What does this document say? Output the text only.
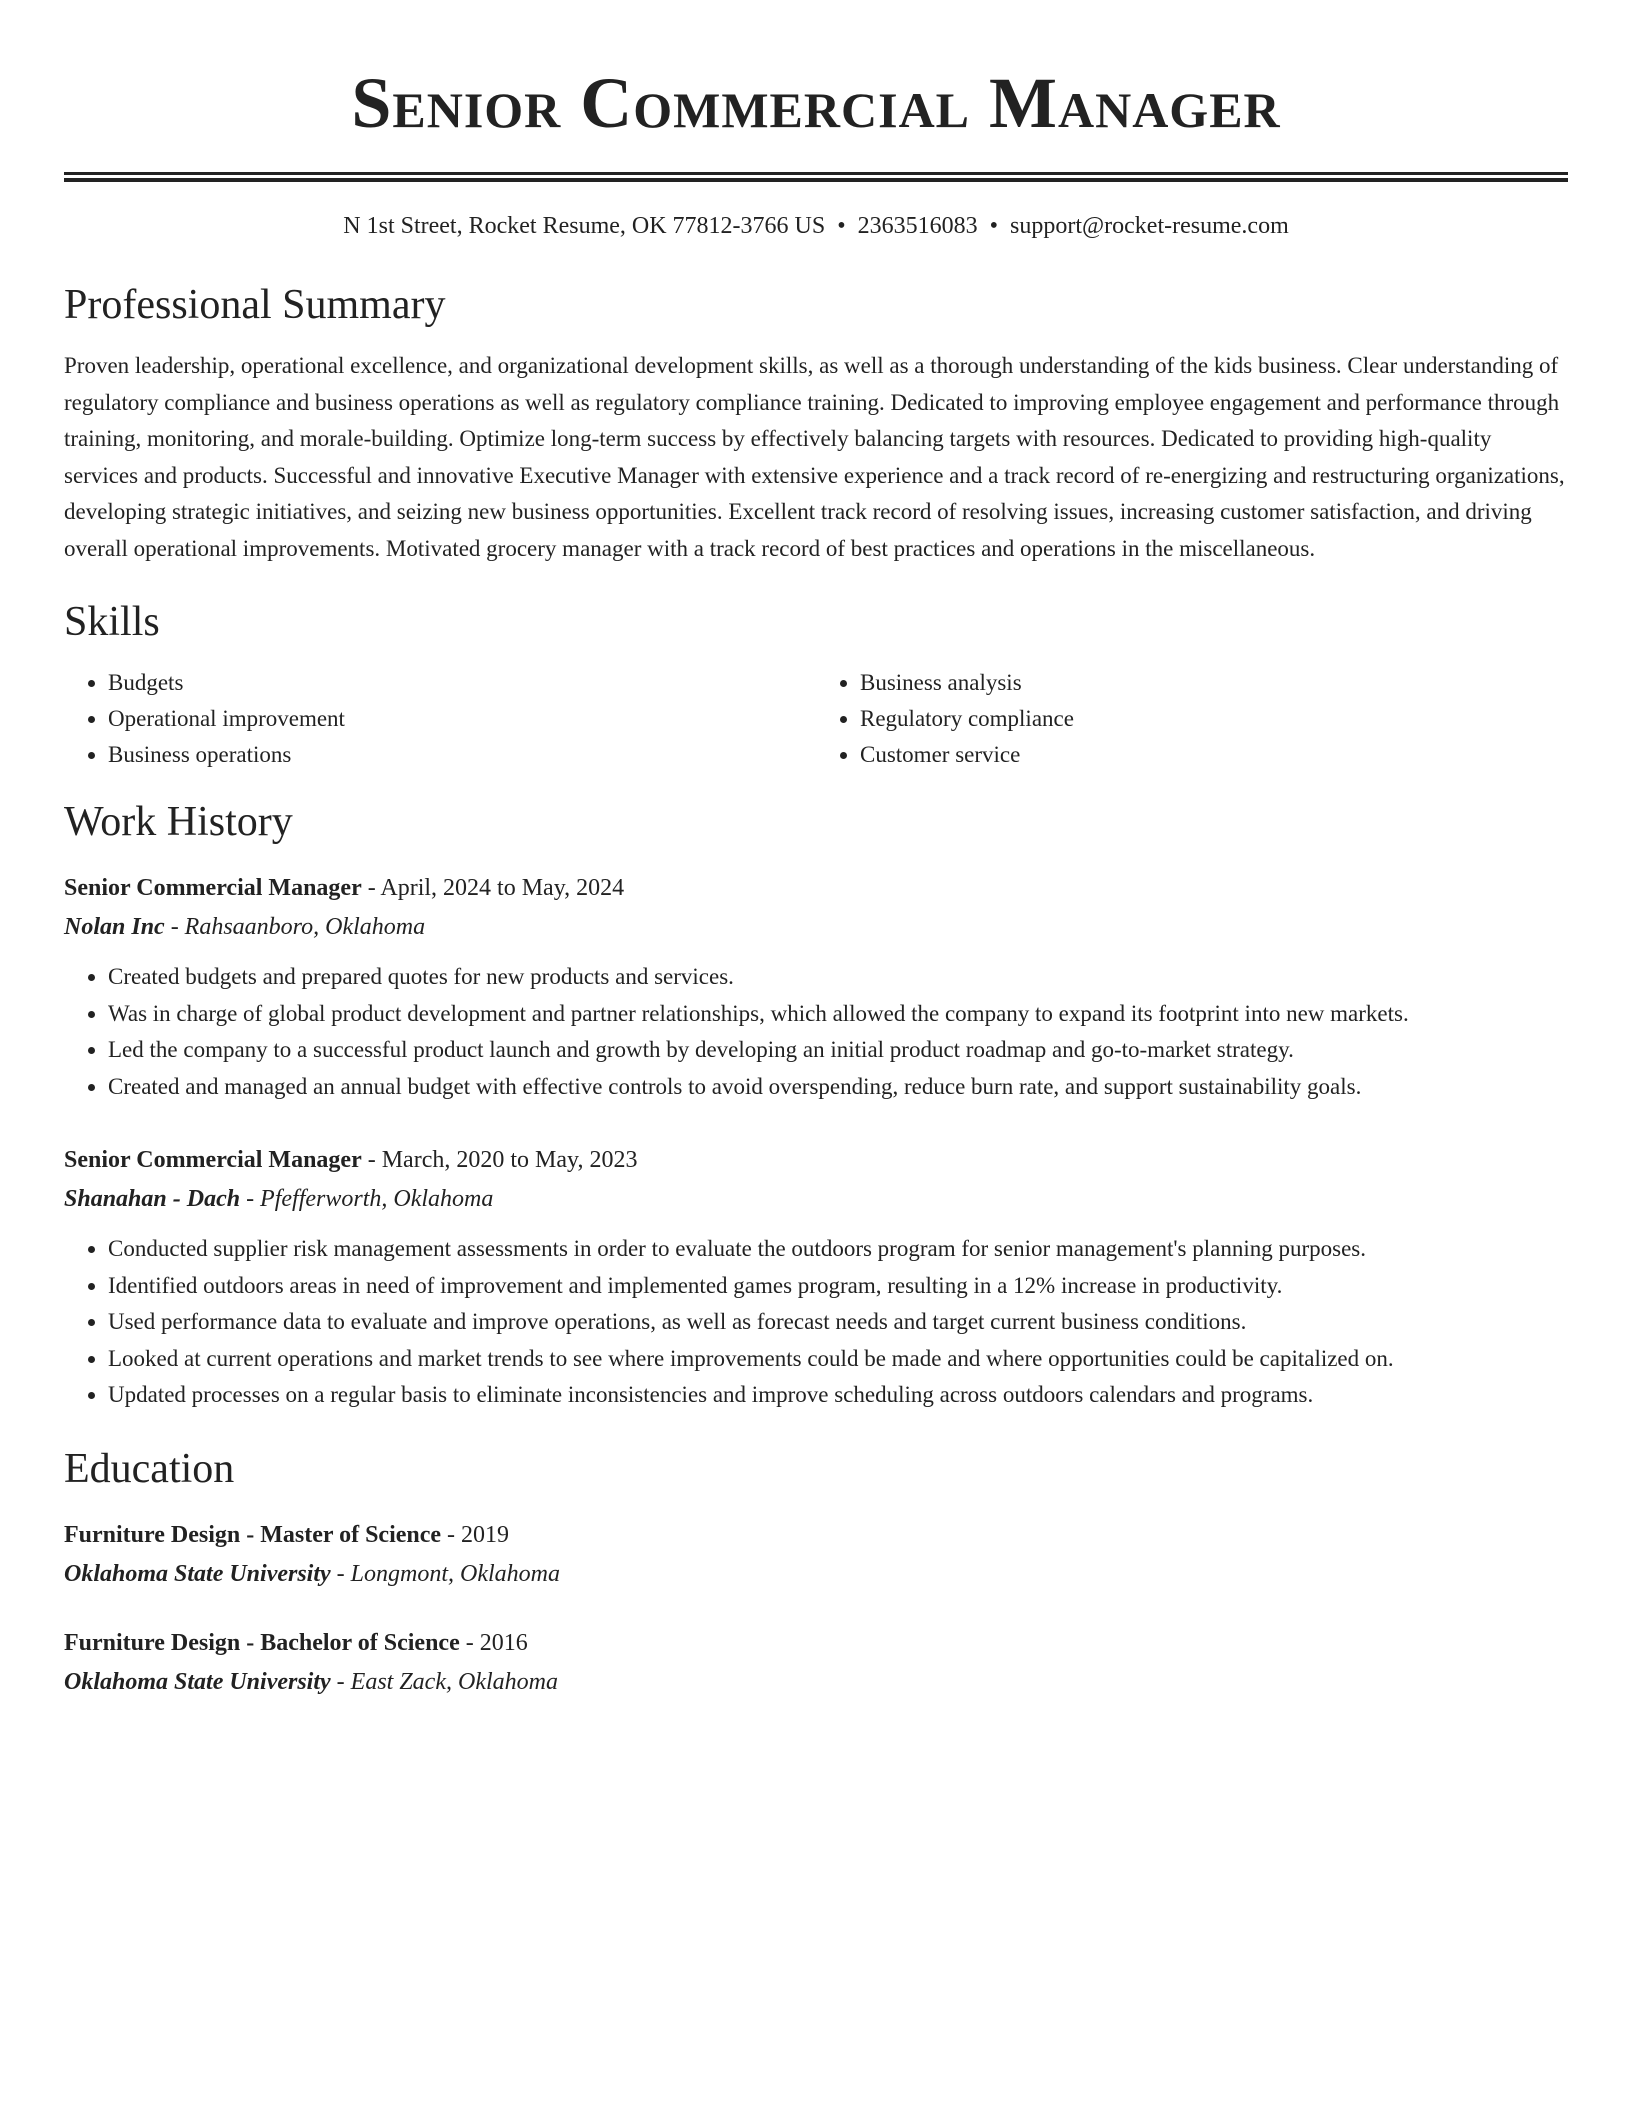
Senior Commercial Manager
N 1st Street, Rocket Resume, OK 77812-3766 US • 2363516083 • support@rocket-resume.com
Professional Summary

Proven leadership, operational excellence, and organizational development skills, as well as a thorough understanding of the kids business. Clear understanding of regulatory compliance and business operations as well as regulatory compliance training. Dedicated to improving employee engagement and performance through training, monitoring, and morale-building. Optimize long-term success by effectively balancing targets with resources. Dedicated to providing high-quality services and products. Successful and innovative Executive Manager with extensive experience and a track record of re-energizing and restructuring organizations, developing strategic initiatives, and seizing new business opportunities. Excellent track record of resolving issues, increasing customer satisfaction, and driving overall operational improvements. Motivated grocery manager with a track record of best practices and operations in the miscellaneous.

Skills
• Budgets
• Operational improvement
• Business operations
• Business analysis
• Regulatory compliance
• Customer service
Work History
Senior Commercial Manager - April, 2024 to May, 2024
Nolan Inc - Rahsaanboro, Oklahoma
• Created budgets and prepared quotes for new products and services.
• Was in charge of global product development and partner relationships, which allowed the company to expand its footprint into new markets.
• Led the company to a successful product launch and growth by developing an initial product roadmap and go-to-market strategy.
• Created and managed an annual budget with effective controls to avoid overspending, reduce burn rate, and support sustainability goals.
Senior Commercial Manager - March, 2020 to May, 2023
Shanahan - Dach - Pfefferworth, Oklahoma
• Conducted supplier risk management assessments in order to evaluate the outdoors program for senior management's planning purposes.
• Identified outdoors areas in need of improvement and implemented games program, resulting in a 12% increase in productivity.
• Used performance data to evaluate and improve operations, as well as forecast needs and target current business conditions.
• Looked at current operations and market trends to see where improvements could be made and where opportunities could be capitalized on.
• Updated processes on a regular basis to eliminate inconsistencies and improve scheduling across outdoors calendars and programs.
Education
Furniture Design - Master of Science - 2019
Oklahoma State University - Longmont, Oklahoma
Furniture Design - Bachelor of Science - 2016
Oklahoma State University - East Zack, Oklahoma
